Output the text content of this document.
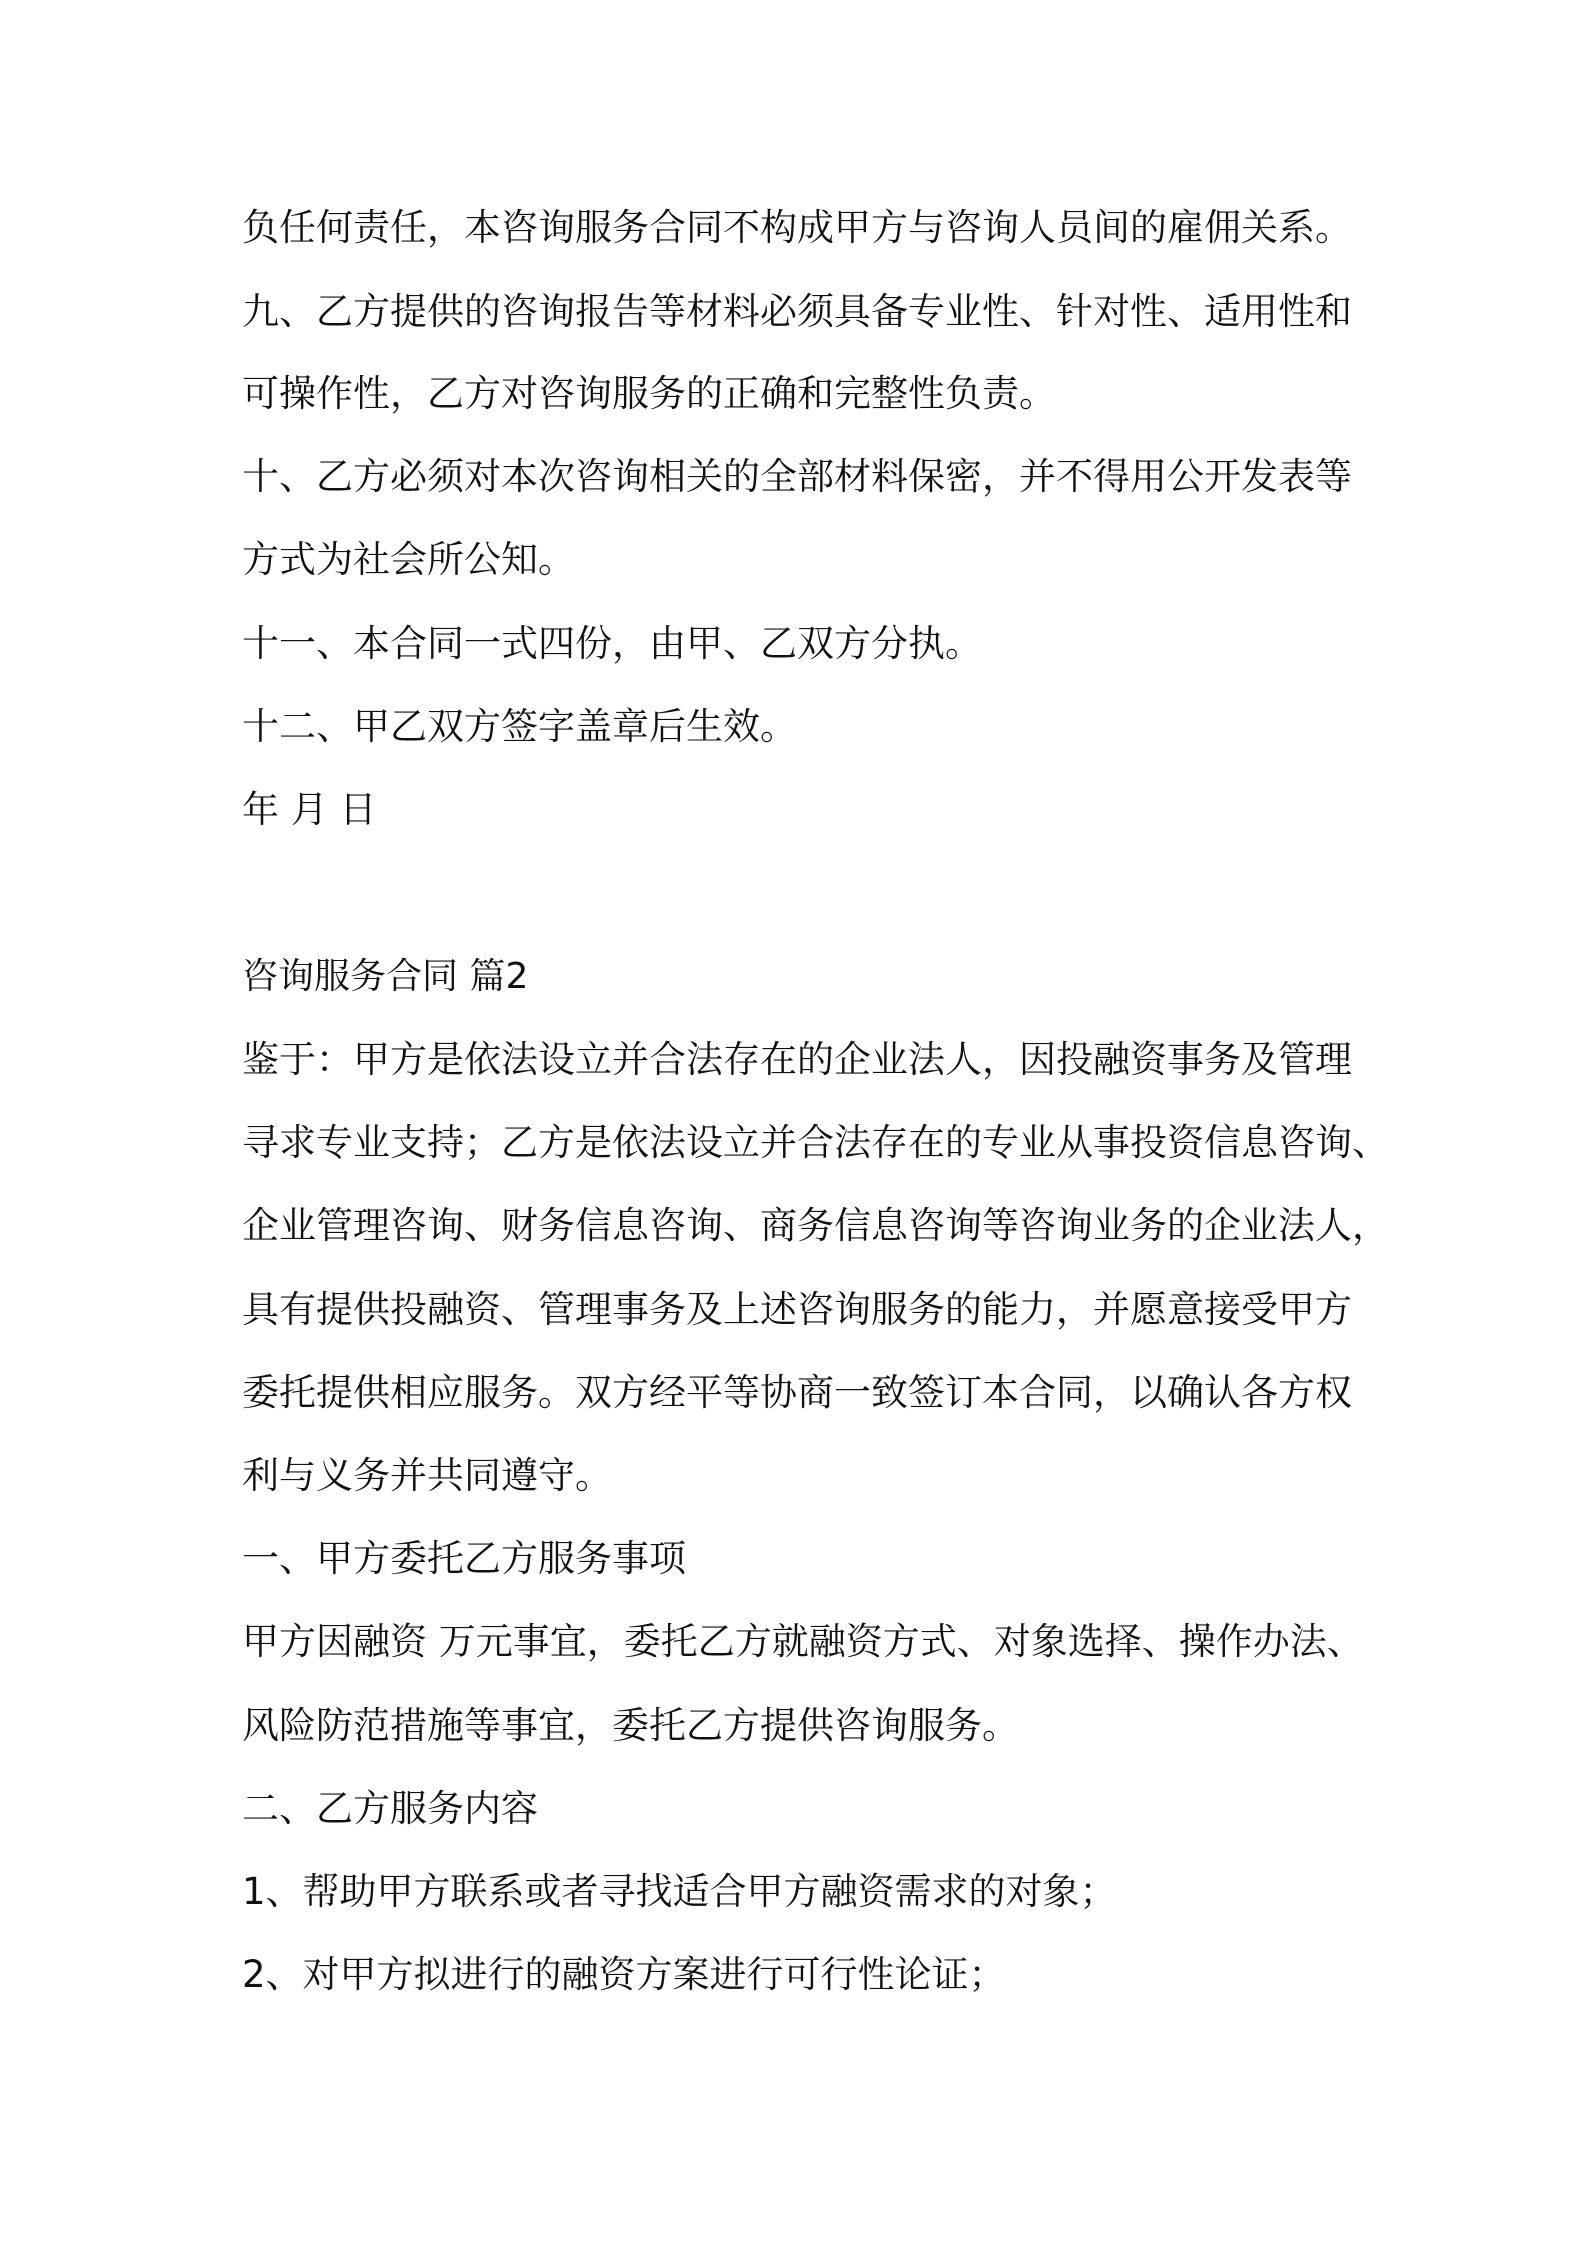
负任何责任，本咨询服务合同不构成甲方与咨询人员间的雇佣关系。
九、乙方提供的咨询报告等材料必须具备专业性、针对性、适用性和
可操作性，乙方对咨询服务的正确和完整性负责。
十、乙方必须对本次咨询相关的全部材料保密，并不得用公开发表等
方式为社会所公知。
十一、本合同一式四份，由甲、乙双方分执。
十二、甲乙双方签字盖章后生效。
年 月 日
咨询服务合同 篇2
鉴于：甲方是依法设立并合法存在的企业法人，因投融资事务及管理
寻求专业支持；乙方是依法设立并合法存在的专业从事投资信息咨询、
企业管理咨询、财务信息咨询、商务信息咨询等咨询业务的企业法人，
具有提供投融资、管理事务及上述咨询服务的能力，并愿意接受甲方
委托提供相应服务。双方经平等协商一致签订本合同，以确认各方权
利与义务并共同遵守。
一、甲方委托乙方服务事项
甲方因融资 万元事宜，委托乙方就融资方式、对象选择、操作办法、
风险防范措施等事宜，委托乙方提供咨询服务。
二、乙方服务内容
1、帮助甲方联系或者寻找适合甲方融资需求的对象；
2、对甲方拟进行的融资方案进行可行性论证；
